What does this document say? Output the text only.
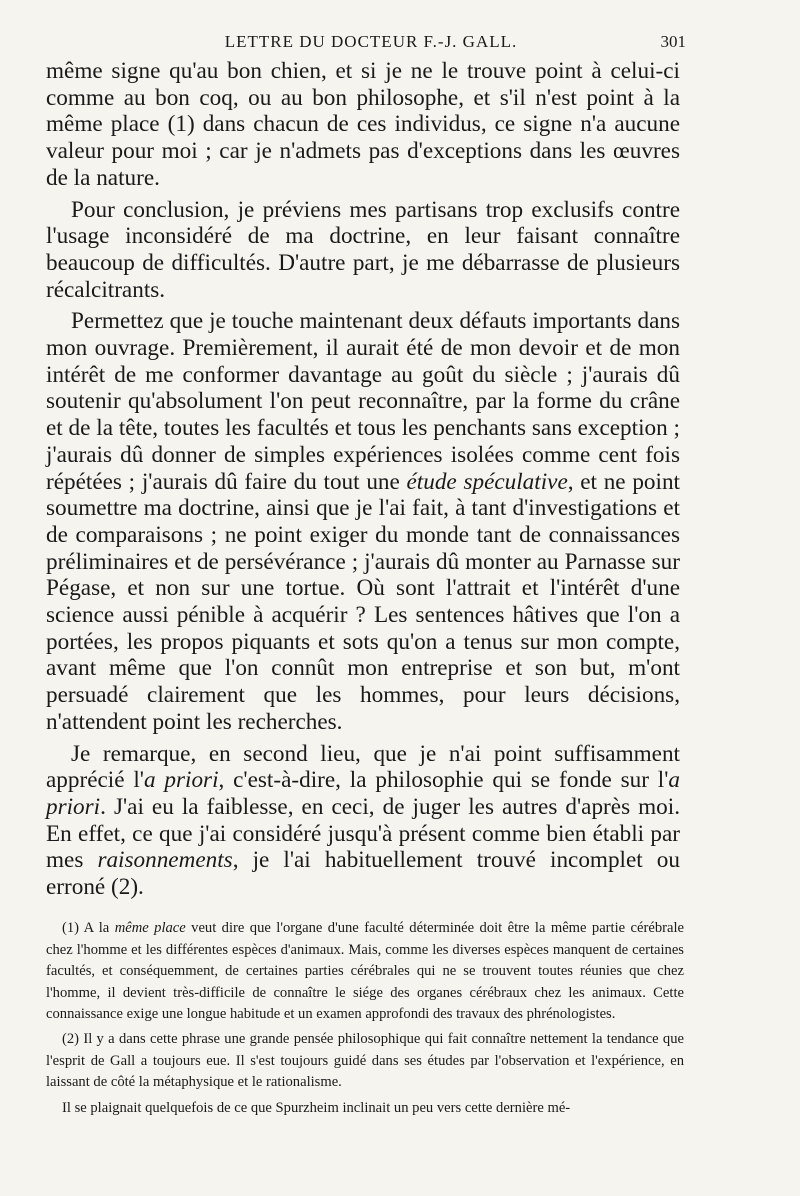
LETTRE DU DOCTEUR F.-J. GALL.	301

même signe qu'au bon chien, et si je ne le trouve point à celui-ci comme au bon coq, ou au bon philosophe, et s'il n'est point à la même place (1) dans chacun de ces individus, ce signe n'a aucune valeur pour moi ; car je n'admets pas d'exceptions dans les œuvres de la nature.

Pour conclusion, je préviens mes partisans trop exclusifs contre l'usage inconsidéré de ma doctrine, en leur faisant connaître beaucoup de difficultés. D'autre part, je me débarrasse de plusieurs récalcitrants.

Permettez que je touche maintenant deux défauts importants dans mon ouvrage. Premièrement, il aurait été de mon devoir et de mon intérêt de me conformer davantage au goût du siècle ; j'aurais dû soutenir qu'absolument l'on peut reconnaître, par la forme du crâne et de la tête, toutes les facultés et tous les penchants sans exception ; j'aurais dû donner de simples expériences isolées comme cent fois répétées ; j'aurais dû faire du tout une étude spéculative, et ne point soumettre ma doctrine, ainsi que je l'ai fait, à tant d'investigations et de comparaisons ; ne point exiger du monde tant de connaissances préliminaires et de persévérance ; j'aurais dû monter au Parnasse sur Pégase, et non sur une tortue. Où sont l'attrait et l'intérêt d'une science aussi pénible à acquérir ? Les sentences hâtives que l'on a portées, les propos piquants et sots qu'on a tenus sur mon compte, avant même que l'on connût mon entreprise et son but, m'ont persuadé clairement que les hommes, pour leurs décisions, n'attendent point les recherches.

Je remarque, en second lieu, que je n'ai point suffisamment apprécié l'a priori, c'est-à-dire, la philosophie qui se fonde sur l'a priori. J'ai eu la faiblesse, en ceci, de juger les autres d'après moi. En effet, ce que j'ai considéré jusqu'à présent comme bien établi par mes raisonnements, je l'ai habituellement trouvé incomplet ou erroné (2).

(1) A la même place veut dire que l'organe d'une faculté déterminée doit être la même partie cérébrale chez l'homme et les différentes espèces d'animaux. Mais, comme les diverses espèces manquent de certaines facultés, et conséquemment, de certaines parties cérébrales qui ne se trouvent toutes réunies que chez l'homme, il devient très-difficile de connaître le siége des organes cérébraux chez les animaux. Cette connaissance exige une longue habitude et un examen approfondi des travaux des phrénologistes.

(2) Il y a dans cette phrase une grande pensée philosophique qui fait connaître nettement la tendance que l'esprit de Gall a toujours eue. Il s'est toujours guidé dans ses études par l'observation et l'expérience, en laissant de côté la métaphysique et le rationalisme.

Il se plaignait quelquefois de ce que Spurzheim inclinait un peu vers cette dernière mé-
